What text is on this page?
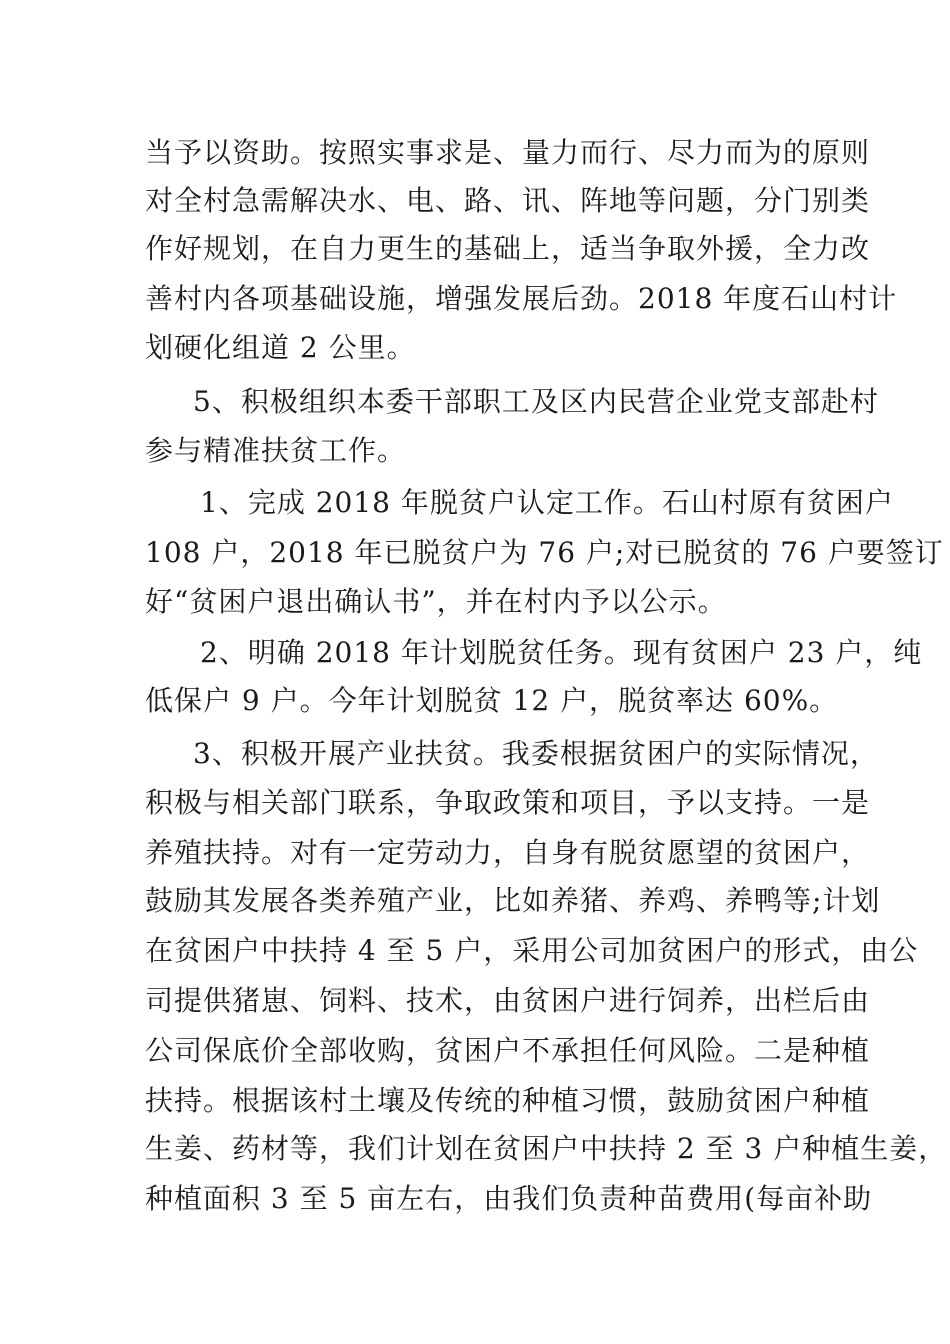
当予以资助。按照实事求是、量力而行、尽力而为的原则
对全村急需解决水、电、路、讯、阵地等问题，分门别类
作好规划，在自力更生的基础上，适当争取外援，全力改
善村内各项基础设施，增强发展后劲。2018 年度石山村计
划硬化组道 2 公里。
5、积极组织本委干部职工及区内民营企业党支部赴村
参与精准扶贫工作。
1、完成 2018 年脱贫户认定工作。石山村原有贫困户
108 户，2018 年已脱贫户为 76 户;对已脱贫的 76 户要签订
好“贫困户退出确认书”，并在村内予以公示。
2、明确 2018 年计划脱贫任务。现有贫困户 23 户，纯
低保户 9 户。今年计划脱贫 12 户，脱贫率达 60%。
3、积极开展产业扶贫。我委根据贫困户的实际情况，
积极与相关部门联系，争取政策和项目，予以支持。一是
养殖扶持。对有一定劳动力，自身有脱贫愿望的贫困户，
鼓励其发展各类养殖产业，比如养猪、养鸡、养鸭等;计划
在贫困户中扶持 4 至 5 户，采用公司加贫困户的形式，由公
司提供猪崽、饲料、技术，由贫困户进行饲养，出栏后由
公司保底价全部收购，贫困户不承担任何风险。二是种植
扶持。根据该村土壤及传统的种植习惯，鼓励贫困户种植
生姜、药材等，我们计划在贫困户中扶持 2 至 3 户种植生姜，
种植面积 3 至 5 亩左右，由我们负责种苗费用(每亩补助
